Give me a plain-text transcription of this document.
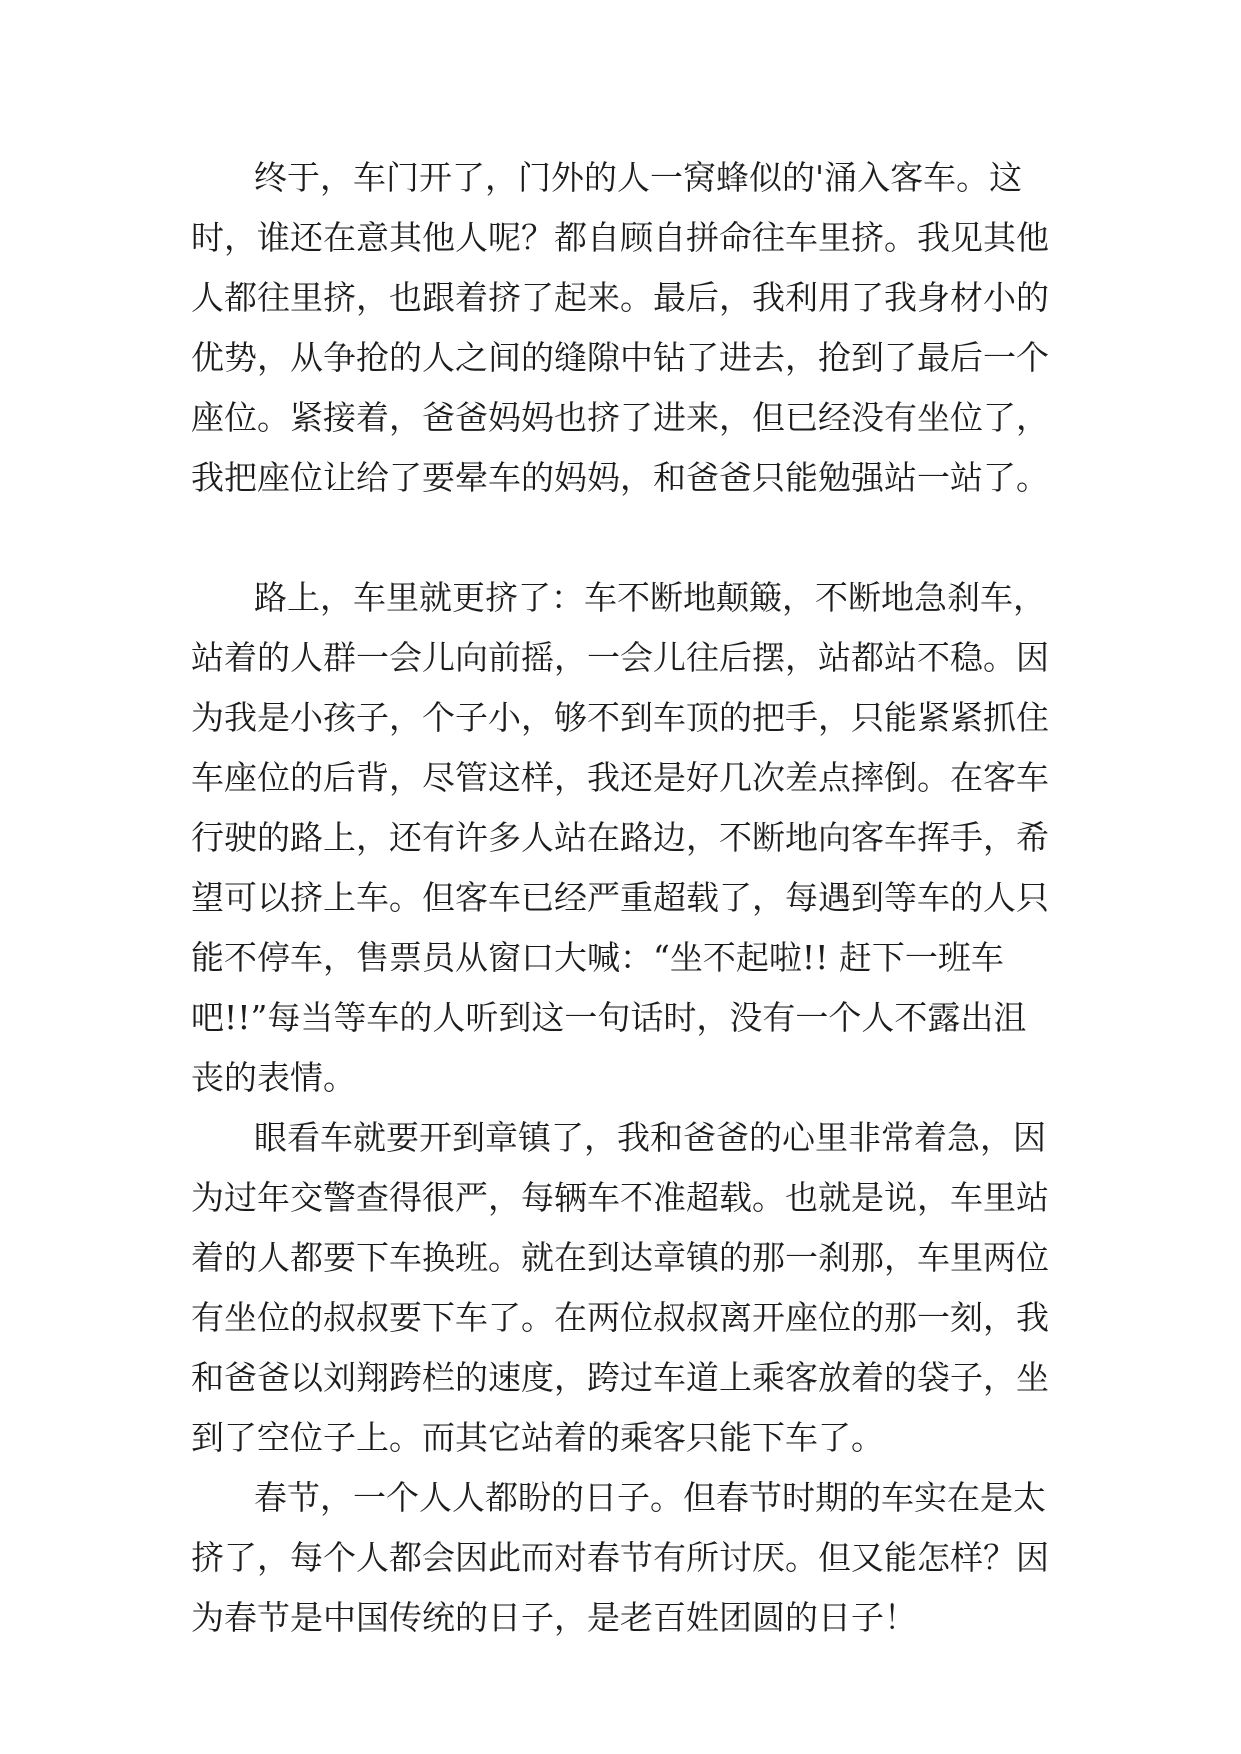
终于，车门开了，门外的人一窝蜂似的'涌入客车。这
时，谁还在意其他人呢？都自顾自拼命往车里挤。我见其他
人都往里挤，也跟着挤了起来。最后，我利用了我身材小的
优势，从争抢的人之间的缝隙中钻了进去，抢到了最后一个
座位。紧接着，爸爸妈妈也挤了进来，但已经没有坐位了，
我把座位让给了要晕车的妈妈，和爸爸只能勉强站一站了。
路上，车里就更挤了：车不断地颠簸，不断地急刹车，
站着的人群一会儿向前摇，一会儿往后摆，站都站不稳。因
为我是小孩子，个子小，够不到车顶的把手，只能紧紧抓住
车座位的后背，尽管这样，我还是好几次差点摔倒。在客车
行驶的路上，还有许多人站在路边，不断地向客车挥手，希
望可以挤上车。但客车已经严重超载了，每遇到等车的人只
能不停车，售票员从窗口大喊：“坐不起啦!! 赶下一班车
吧!!”每当等车的人听到这一句话时，没有一个人不露出沮
丧的表情。
眼看车就要开到章镇了，我和爸爸的心里非常着急，因
为过年交警查得很严，每辆车不准超载。也就是说，车里站
着的人都要下车换班。就在到达章镇的那一刹那，车里两位
有坐位的叔叔要下车了。在两位叔叔离开座位的那一刻，我
和爸爸以刘翔跨栏的速度，跨过车道上乘客放着的袋子，坐
到了空位子上。而其它站着的乘客只能下车了。
春节，一个人人都盼的日子。但春节时期的车实在是太
挤了，每个人都会因此而对春节有所讨厌。但又能怎样？因
为春节是中国传统的日子，是老百姓团圆的日子！
